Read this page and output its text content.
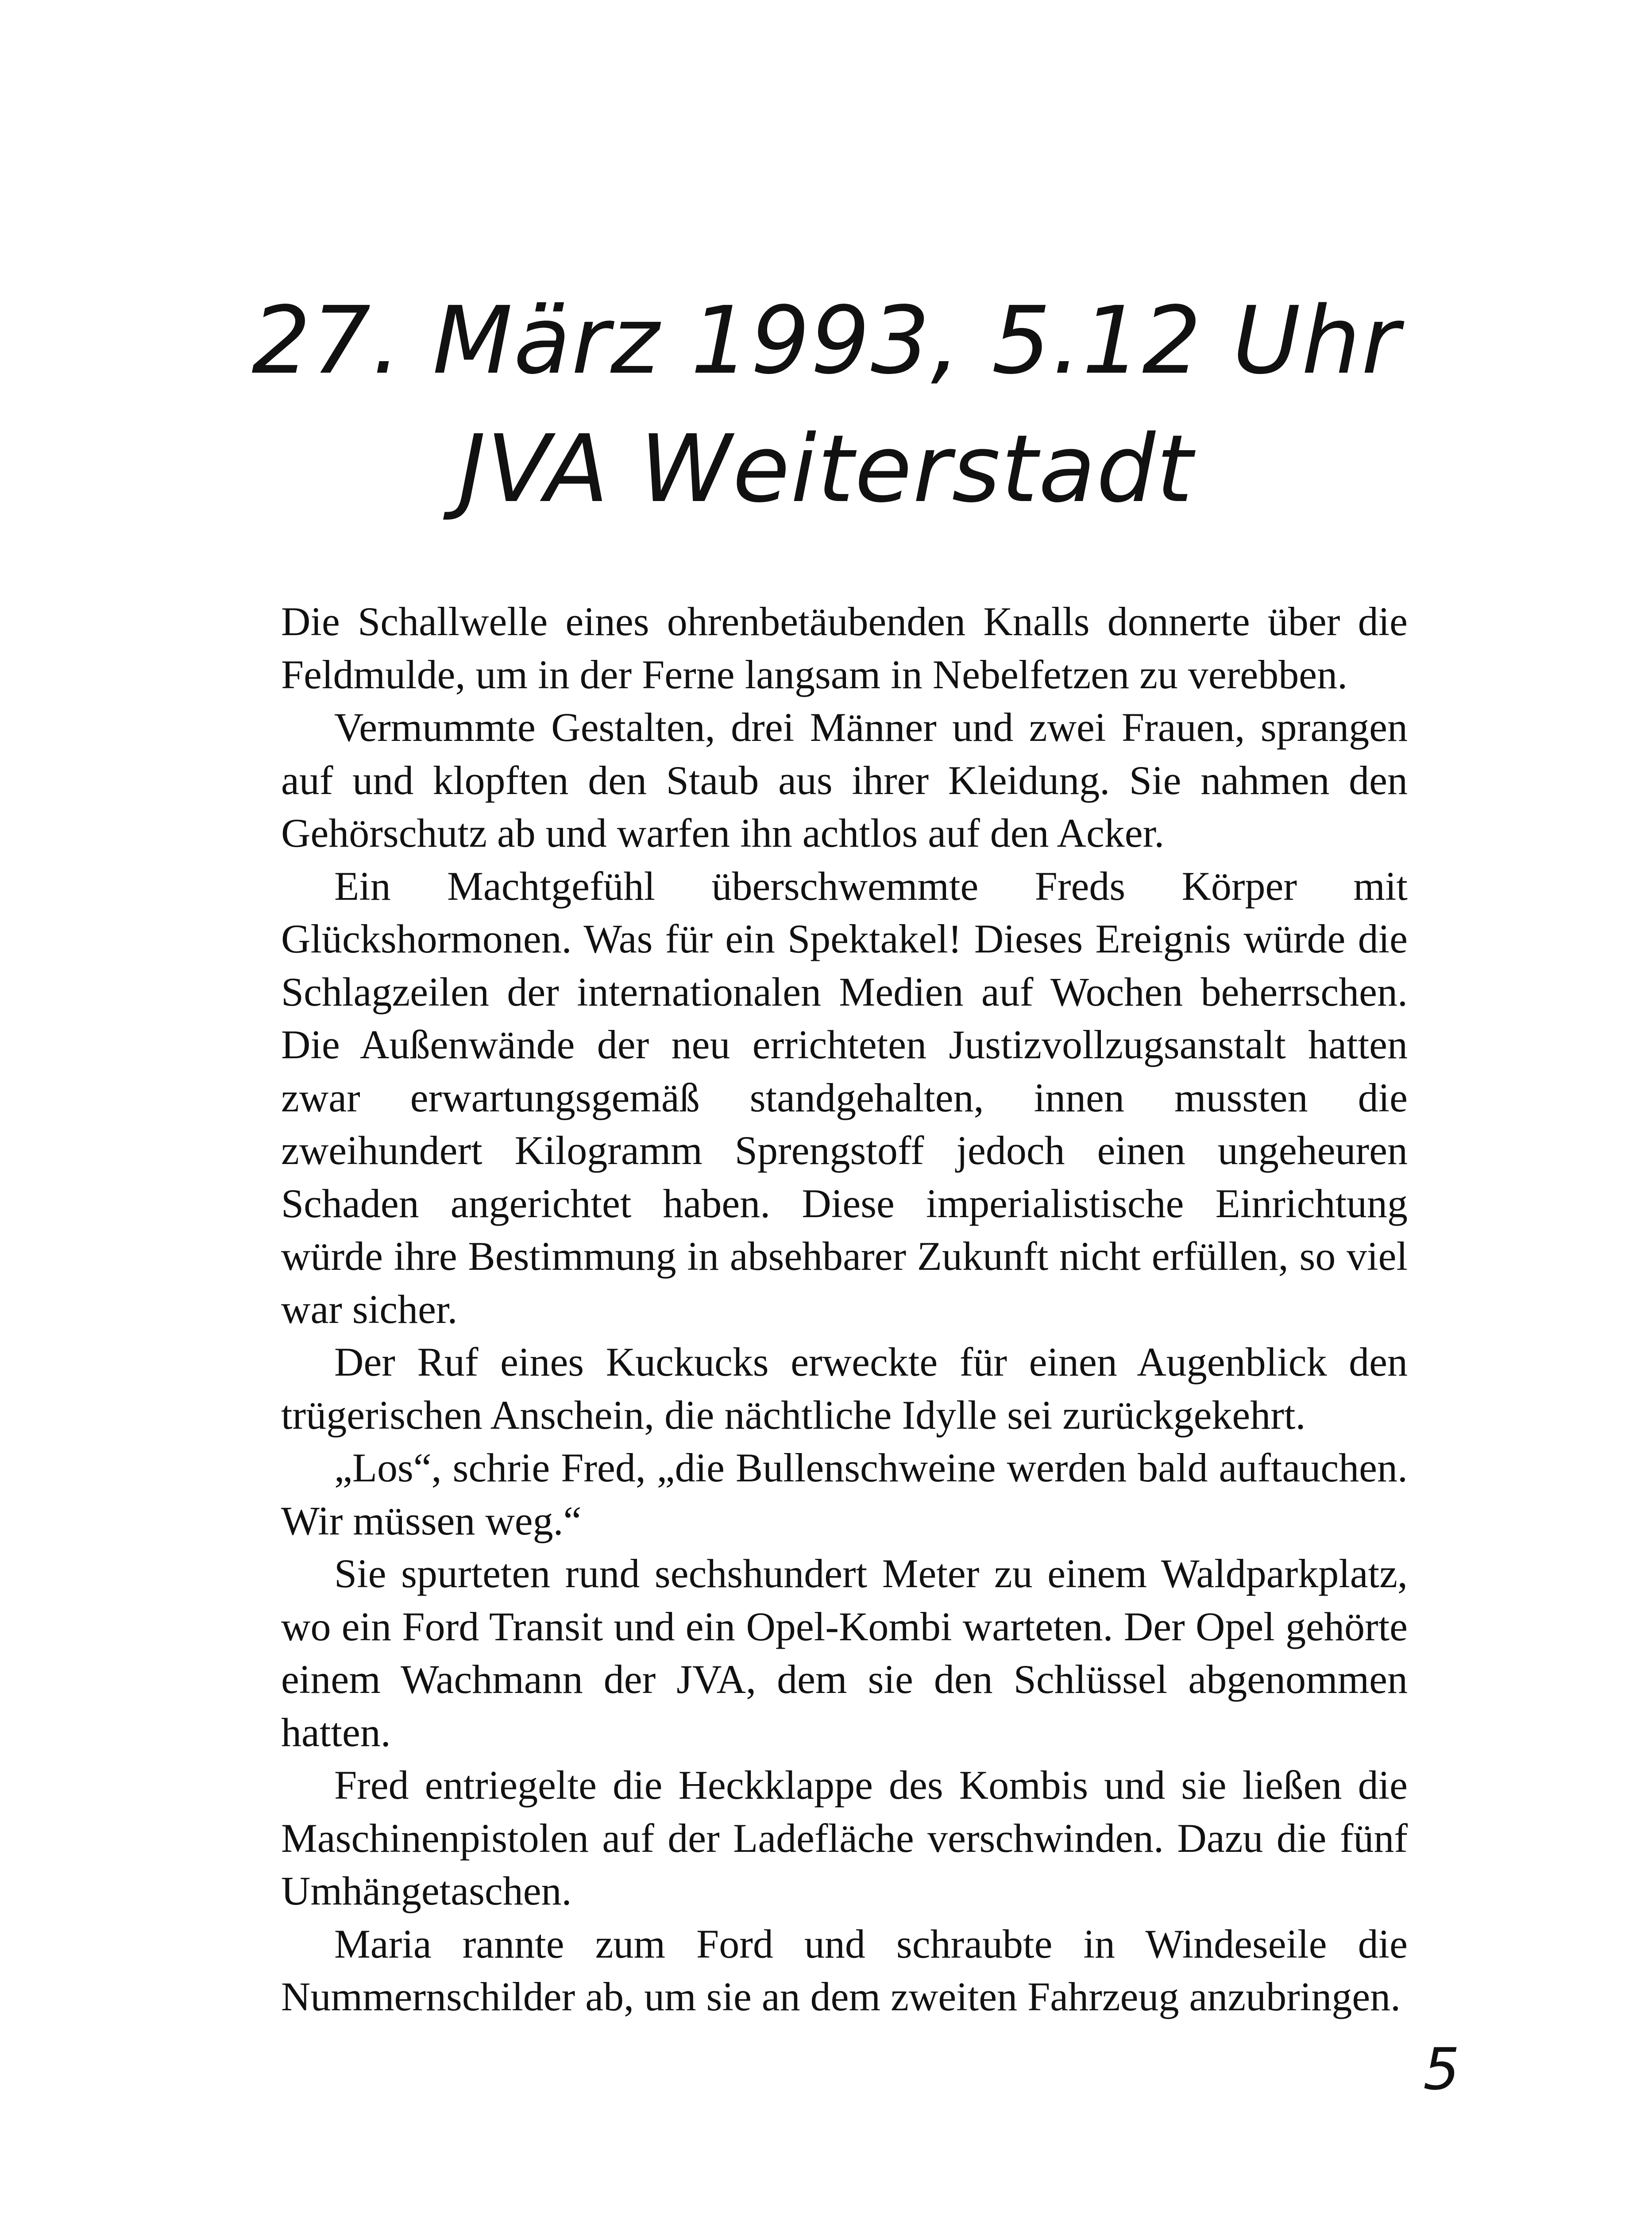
27. März 1993, 5.12 Uhr
JVA Weiterstadt

Die Schallwelle eines ohrenbetäubenden Knalls donnerte über die Feldmulde, um in der Ferne langsam in Nebelfetzen zu verebben.

Vermummte Gestalten, drei Männer und zwei Frauen, sprangen auf und klopften den Staub aus ihrer Kleidung. Sie nahmen den Gehörschutz ab und warfen ihn achtlos auf den Acker.

Ein Machtgefühl überschwemmte Freds Körper mit Glückshormonen. Was für ein Spektakel! Dieses Ereignis würde die Schlagzeilen der internationalen Medien auf Wochen beherrschen. Die Außenwände der neu errichteten Justizvollzugsanstalt hatten zwar erwartungsgemäß standgehalten, innen mussten die zweihundert Kilogramm Sprengstoff jedoch einen ungeheuren Schaden angerichtet haben. Diese imperialistische Einrichtung würde ihre Bestimmung in absehbarer Zukunft nicht erfüllen, so viel war sicher.

Der Ruf eines Kuckucks erweckte für einen Augenblick den trügerischen Anschein, die nächtliche Idylle sei zurückgekehrt.

„Los“, schrie Fred, „die Bullenschweine werden bald auftauchen. Wir müssen weg.“

Sie spurteten rund sechshundert Meter zu einem Waldparkplatz, wo ein Ford Transit und ein Opel-Kombi warteten. Der Opel gehörte einem Wachmann der JVA, dem sie den Schlüssel abgenommen hatten.

Fred entriegelte die Heckklappe des Kombis und sie ließen die Maschinenpistolen auf der Ladefläche verschwinden. Dazu die fünf Umhängetaschen.

Maria rannte zum Ford und schraubte in Windeseile die Nummernschilder ab, um sie an dem zweiten Fahrzeug anzubringen.

5
